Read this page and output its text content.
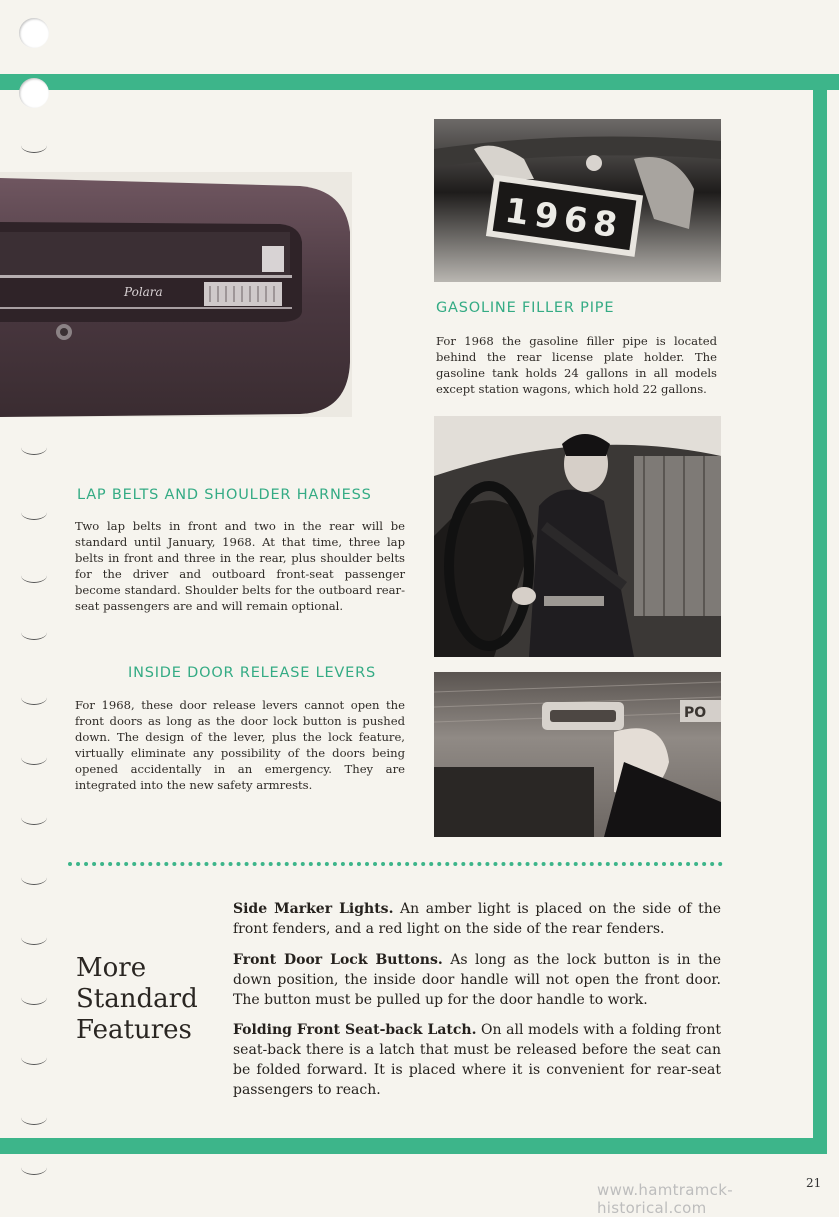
Polara
1968
PO
GASOLINE FILLER PIPE
For 1968 the gasoline filler pipe is located behind the rear license plate holder. The gasoline tank holds 24 gallons in all models except station wagons, which hold 22 gallons.
LAP BELTS AND SHOULDER HARNESS
Two lap belts in front and two in the rear will be standard until January, 1968. At that time, three lap belts in front and three in the rear, plus shoulder belts for the driver and outboard front-seat passenger become standard. Shoulder belts for the outboard rear-seat passengers are and will remain optional.
INSIDE DOOR RELEASE LEVERS
For 1968, these door release levers cannot open the front doors as long as the door lock button is pushed down. The design of the lever, plus the lock feature, virtually eliminate any possibility of the doors being opened accidentally in an emergency. They are integrated into the new safety armrests.
More Standard Features
Side Marker Lights. An amber light is placed on the side of the front fenders, and a red light on the side of the rear fenders.
Front Door Lock Buttons. As long as the lock button is in the down position, the inside door handle will not open the front door. The button must be pulled up for the door handle to work.
Folding Front Seat-back Latch. On all models with a folding front seat-back there is a latch that must be released before the seat can be folded forward. It is placed where it is convenient for rear-seat passengers to reach.
www.hamtramck-historical.com
21
